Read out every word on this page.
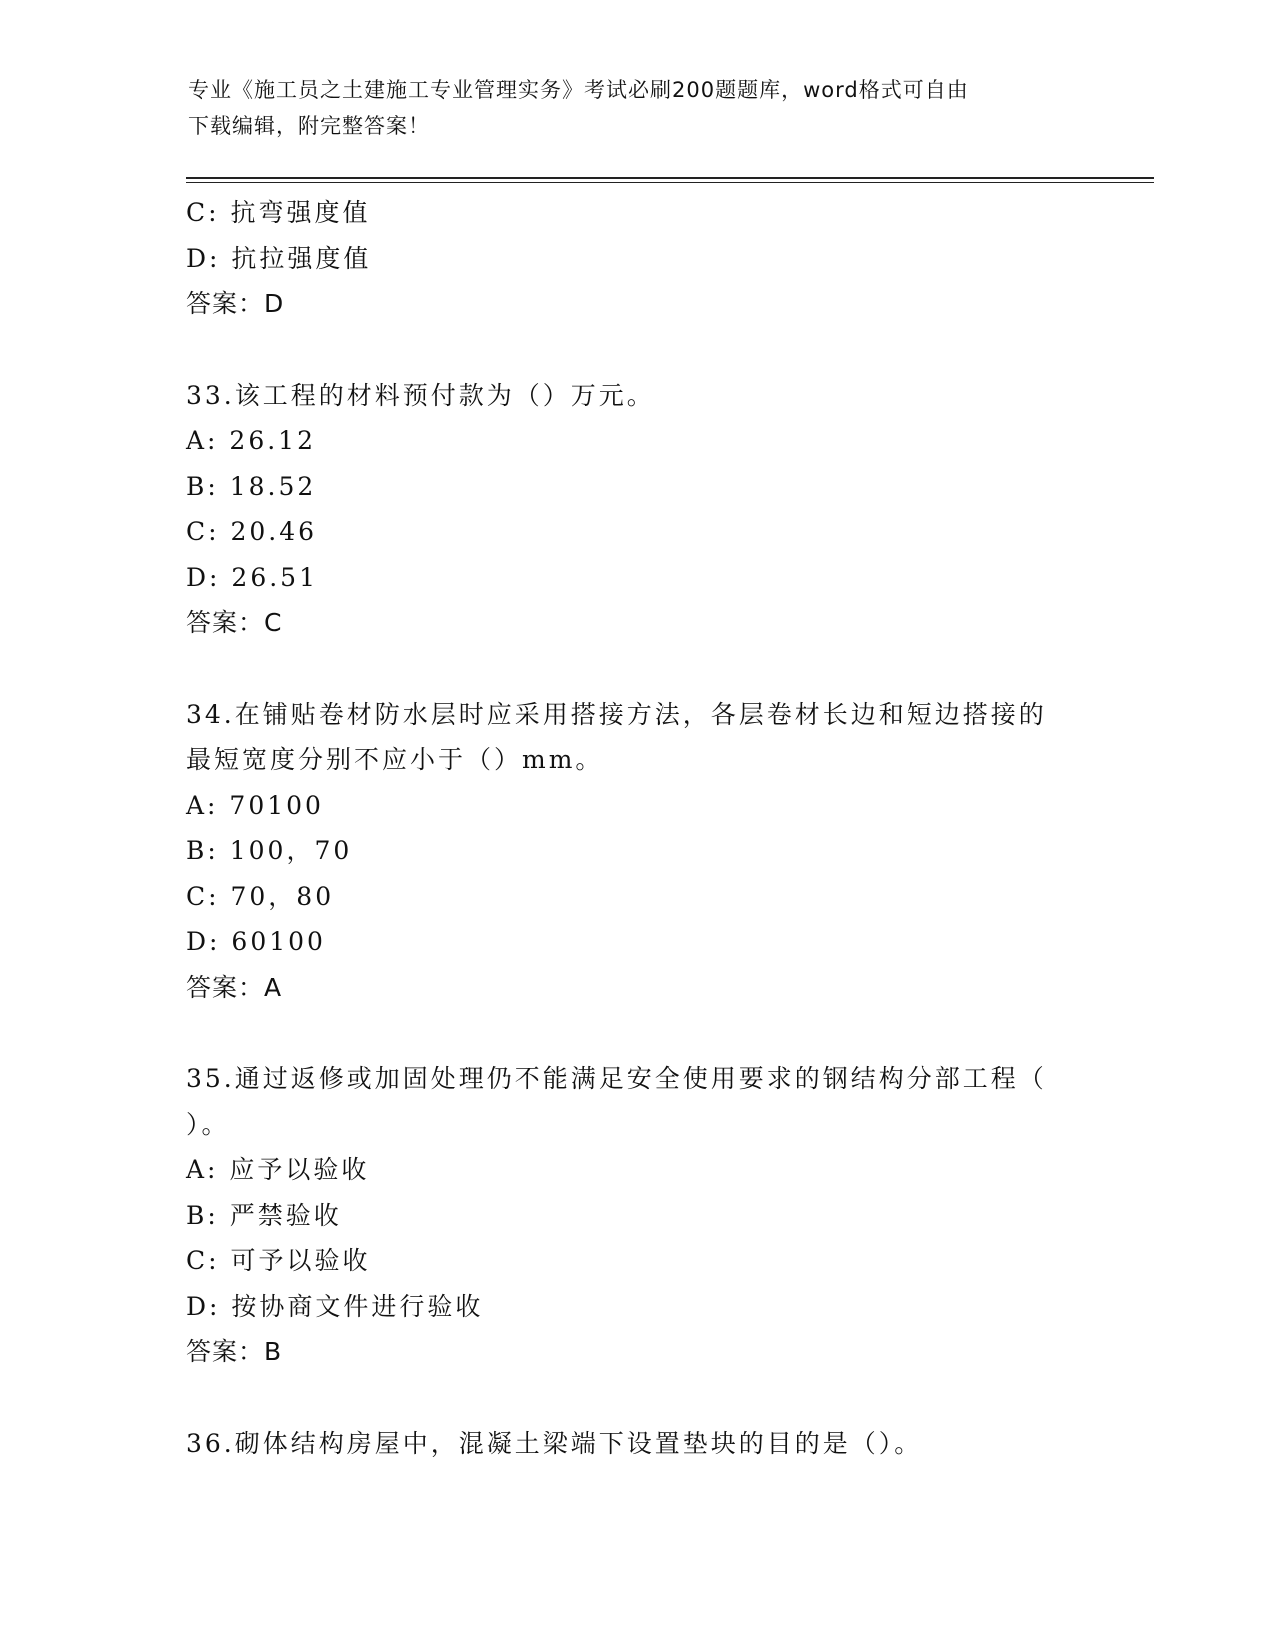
专业《施工员之土建施工专业管理实务》考试必刷200题题库，word格式可自由
下载编辑，附完整答案！
C: 抗弯强度值
D: 抗拉强度值
答案：D
33.该工程的材料预付款为（）万元。
A: 26.12
B: 18.52
C: 20.46
D: 26.51
答案：C
34.在铺贴卷材防水层时应采用搭接方法，各层卷材长边和短边搭接的
最短宽度分别不应小于（）mm。
A: 70100
B: 100，70
C: 70，80
D: 60100
答案：A
35.通过返修或加固处理仍不能满足安全使用要求的钢结构分部工程（
）。
A: 应予以验收
B: 严禁验收
C: 可予以验收
D: 按协商文件进行验收
答案：B
36.砌体结构房屋中，混凝土梁端下设置垫块的目的是（）。
